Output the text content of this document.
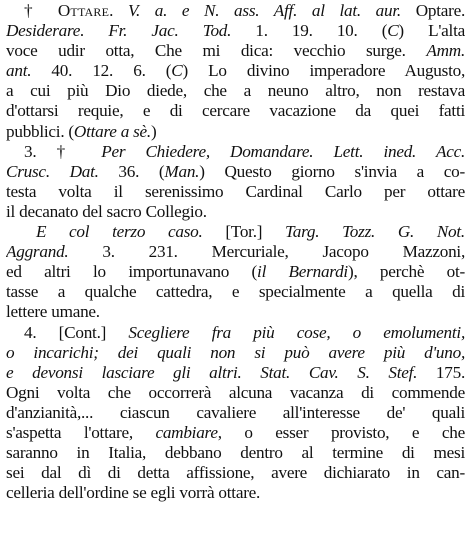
† Ottare. V. a. e N. ass. Aff. al lat. aur. Optare.
Desiderare. Fr. Jac. Tod. 1. 19. 10. (C) L'alta
voce udir otta, Che mi dica: vecchio surge. Amm.
ant. 40. 12. 6. (C) Lo divino imperadore Augusto,
a cui più Dio diede, che a neuno altro, non restava
d'ottarsi requie, e di cercare vacazione da quei fatti
pubblici. (Ottare a sè.)
3. † Per Chiedere, Domandare. Lett. ined. Acc.
Crusc. Dat. 36. (Man.) Questo giorno s'invia a co-
testa volta il serenissimo Cardinal Carlo per ottare
il decanato del sacro Collegio.
E col terzo caso. [Tor.] Targ. Tozz. G. Not.
Aggrand. 3. 231. Mercuriale, Jacopo Mazzoni,
ed altri lo importunavano (il Bernardi), perchè ot-
tasse a qualche cattedra, e specialmente a quella di
lettere umane.
4. [Cont.] Scegliere fra più cose, o emolumenti,
o incarichi; dei quali non si può avere più d'uno,
e devonsi lasciare gli altri. Stat. Cav. S. Stef. 175.
Ogni volta che occorrerà alcuna vacanza di commende
d'anzianità,... ciascun cavaliere all'interesse de' quali
s'aspetta l'ottare, cambiare, o esser provisto, e che
saranno in Italia, debbano dentro al termine di mesi
sei dal dì di detta affissione, avere dichiarato in can-
celleria dell'ordine se egli vorrà ottare.
